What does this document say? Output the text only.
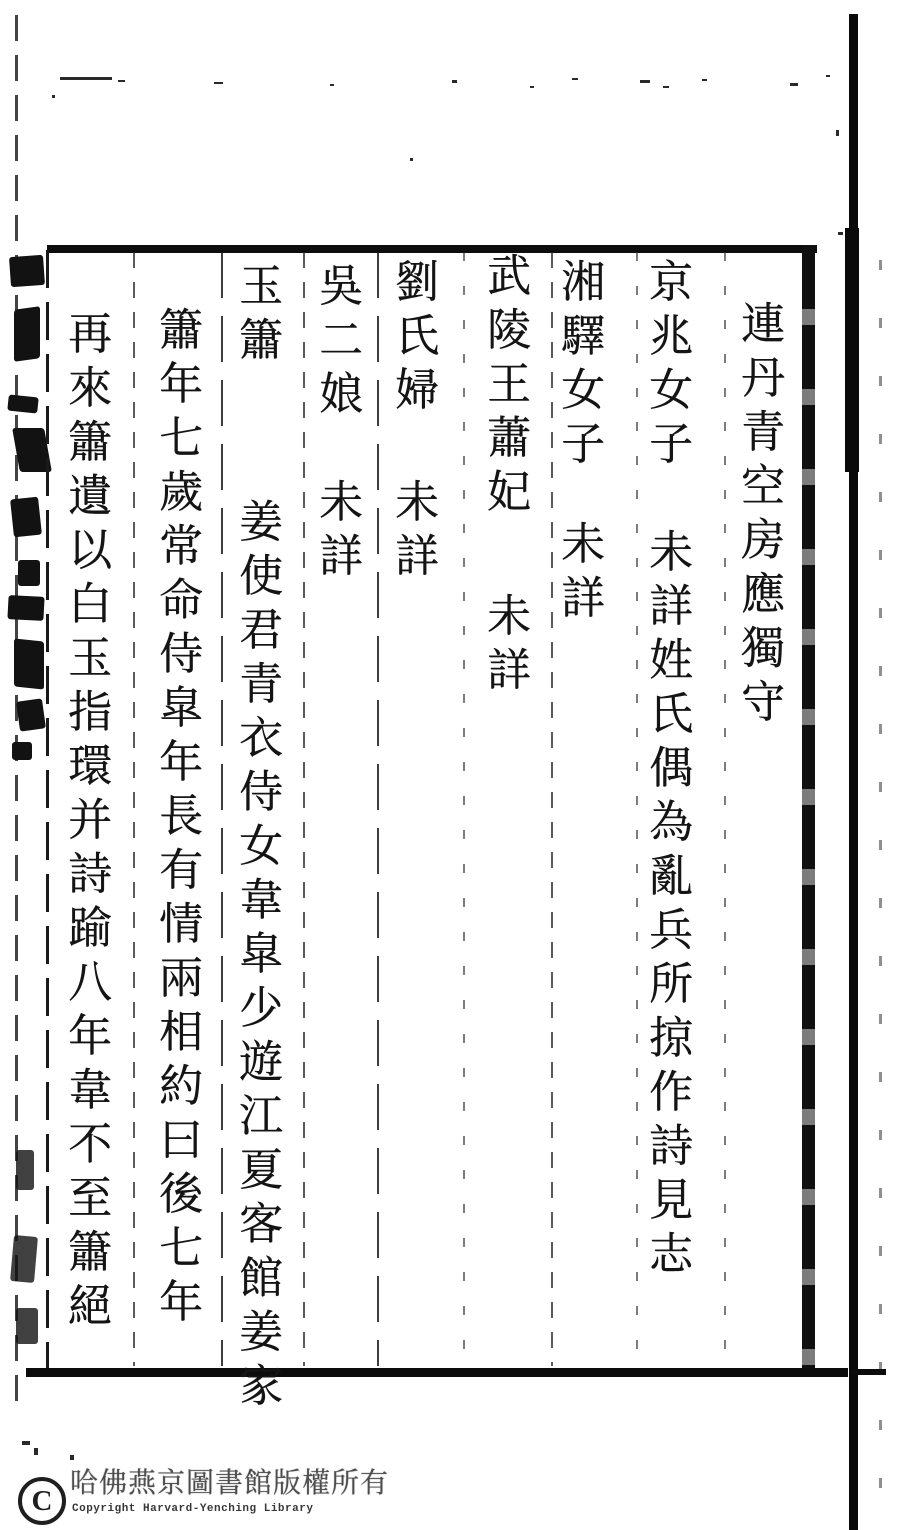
連丹青空房應獨守
京兆女子
未詳姓氏偶為亂兵所掠作詩見志
湘驛女子
未詳
武陵王蕭妃
未詳
劉氏婦
未詳
吳二娘
未詳
玉簫
姜使君青衣侍女韋皐少遊江夏客館姜家
簫年七歲常命侍皐年長有情兩相約曰後七年
再來簫遺以白玉指環并詩踰八年韋不至簫絕
C
哈佛燕京圖書館版權所有
Copyright Harvard-Yenching Library
